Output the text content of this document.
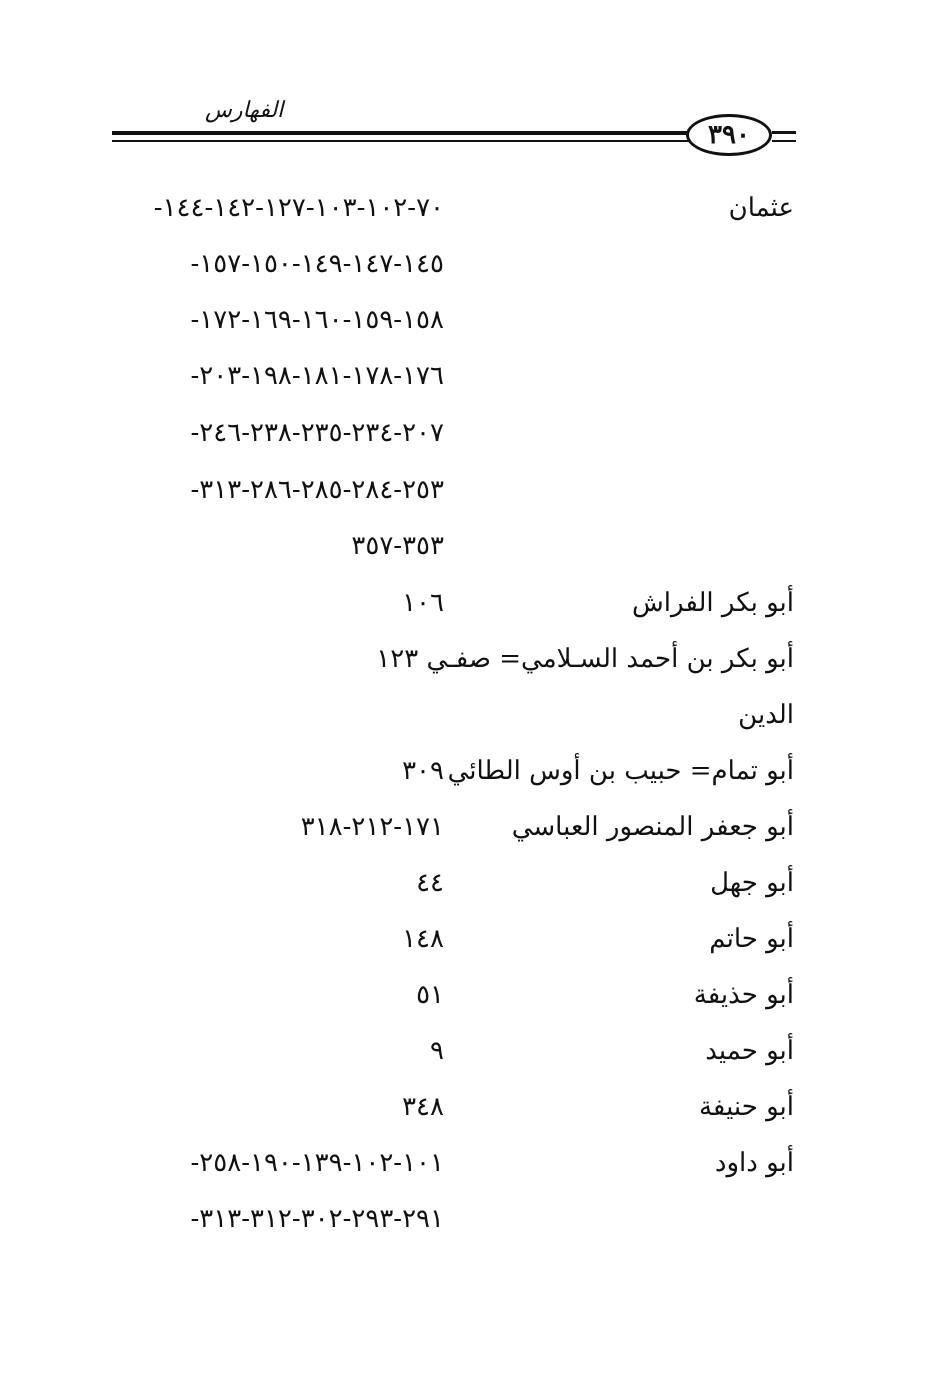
الفهارس
٣٩٠
عثمان
-٧٠-١٠٢-١٠٣-١٢٧-١٤٢-١٤٤
-١٤٥-١٤٧-١٤٩-١٥٠-١٥٧
-١٥٨-١٥٩-١٦٠-١٦٩-١٧٢
-١٧٦-١٧٨-١٨١-١٩٨-٢٠٣
-٢٠٧-٢٣٤-٢٣٥-٢٣٨-٢٤٦
-٢٥٣-٢٨٤-٢٨٥-٢٨٦-٣١٣
٣٥٣-٣٥٧
أبو بكر الفراش
١٠٦
أبو بكر بن أحمد السـلامي= صفـي ١٢٣
الدين
أبو تمام= حبيب بن أوس الطائي
٣٠٩
أبو جعفر المنصور العباسي
١٧١-٢١٢-٣١٨
أبو جهل
٤٤
أبو حاتم
١٤٨
أبو حذيفة
٥١
أبو حميد
٩
أبو حنيفة
٣٤٨
أبو داود
-١٠١-١٠٢-١٣٩-١٩٠-٢٥٨
-٢٩١-٢٩٣-٣٠٢-٣١٢-٣١٣
